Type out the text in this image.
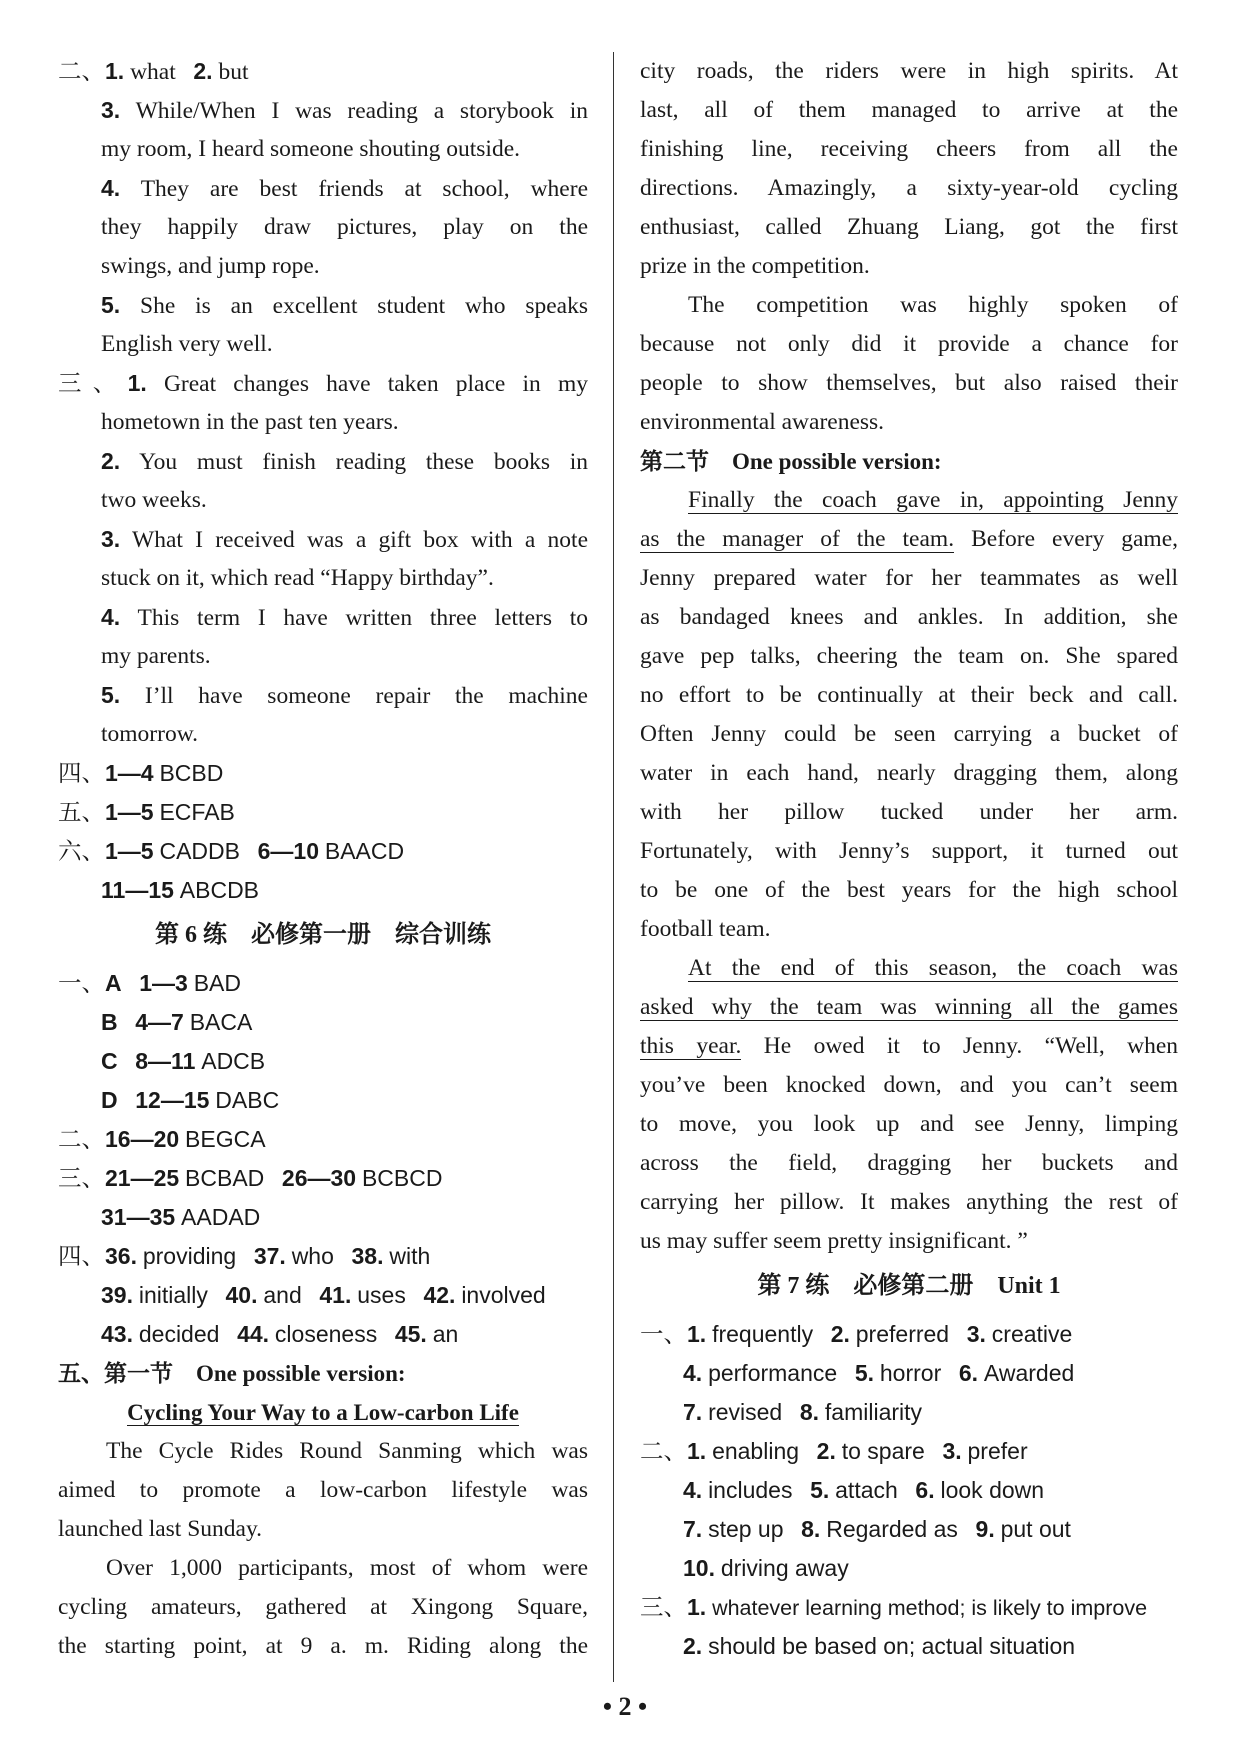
二、1. what 2. but
3. While/When I was reading a storybook in
my room, I heard someone shouting outside.
4. They are best friends at school, where
they happily draw pictures, play on the
swings, and jump rope.
5. She is an excellent student who speaks
English very well.
三、1. Great changes have taken place in my
hometown in the past ten years.
2. You must finish reading these books in
two weeks.
3. What I received was a gift box with a note
stuck on it, which read “Happy birthday”.
4. This term I have written three letters to
my parents.
5. I’ll have someone repair the machine
tomorrow.
四、1—4 BCBD
五、1—5 ECFAB
六、1—5 CADDB 6—10 BAACD
11—15 ABCDB
第 6 练　必修第一册　综合训练
一、A 1—3 BAD
B 4—7 BACA
C 8—11 ADCB
D 12—15 DABC
二、16—20 BEGCA
三、21—25 BCBAD 26—30 BCBCD
31—35 AADAD
四、36. providing 37. who 38. with
39. initially 40. and 41. uses 42. involved
43. decided 44. closeness 45. an
五、第一节　One possible version:
Cycling Your Way to a Low-carbon Life
The Cycle Rides Round Sanming which was
aimed to promote a low-carbon lifestyle was
launched last Sunday.
Over 1,000 participants, most of whom were
cycling amateurs, gathered at Xingong Square,
the starting point, at 9 a. m. Riding along the
city roads, the riders were in high spirits. At
last, all of them managed to arrive at the
finishing line, receiving cheers from all the
directions. Amazingly, a sixty-year-old cycling
enthusiast, called Zhuang Liang, got the first
prize in the competition.
The competition was highly spoken of
because not only did it provide a chance for
people to show themselves, but also raised their
environmental awareness.
第二节　One possible version:
Finally the coach gave in, appointing Jenny
as the manager of the team. Before every game,
Jenny prepared water for her teammates as well
as bandaged knees and ankles. In addition, she
gave pep talks, cheering the team on. She spared
no effort to be continually at their beck and call.
Often Jenny could be seen carrying a bucket of
water in each hand, nearly dragging them, along
with her pillow tucked under her arm.
Fortunately, with Jenny’s support, it turned out
to be one of the best years for the high school
football team.
At the end of this season, the coach was
asked why the team was winning all the games
this year. He owed it to Jenny. “Well, when
you’ve been knocked down, and you can’t seem
to move, you look up and see Jenny, limping
across the field, dragging her buckets and
carrying her pillow. It makes anything the rest of
us may suffer seem pretty insignificant. ”
第 7 练　必修第二册　Unit 1
一、1. frequently 2. preferred 3. creative
4. performance 5. horror 6. Awarded
7. revised 8. familiarity
二、1. enabling 2. to spare 3. prefer
4. includes 5. attach 6. look down
7. step up 8. Regarded as 9. put out
10. driving away
三、1. whatever learning method; is likely to improve
2. should be based on; actual situation
• 2 •
